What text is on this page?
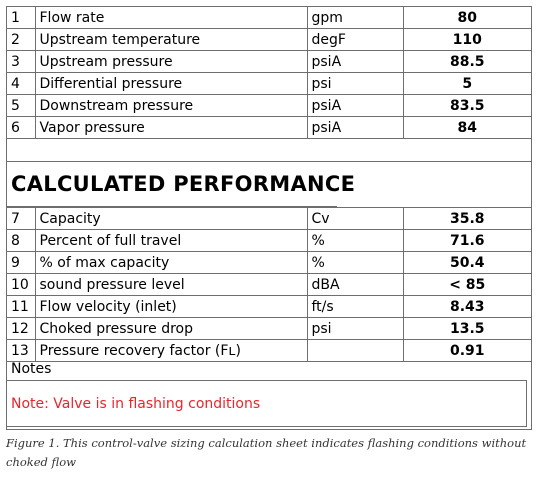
1	Flow rate	gpm	80
2	Upstream temperature	degF	110
3	Upstream pressure	psiA	88.5
4	Differential pressure	psi	5
5	Downstream pressure	psiA	83.5
6	Vapor pressure	psiA	84
CALCULATED PERFORMANCE
7	Capacity	Cv	35.8
8	Percent of full travel	%	71.6
9	% of max capacity	%	50.4
10	sound pressure level	dBA	< 85
11	Flow velocity (inlet)	ft/s	8.43
12	Choked pressure drop	psi	13.5
13	Pressure recovery factor (Fʟ)		0.91
Notes
Note: Valve is in flashing conditions
Figure 1. This control-valve sizing calculation sheet indicates flashing conditions without choked flow
